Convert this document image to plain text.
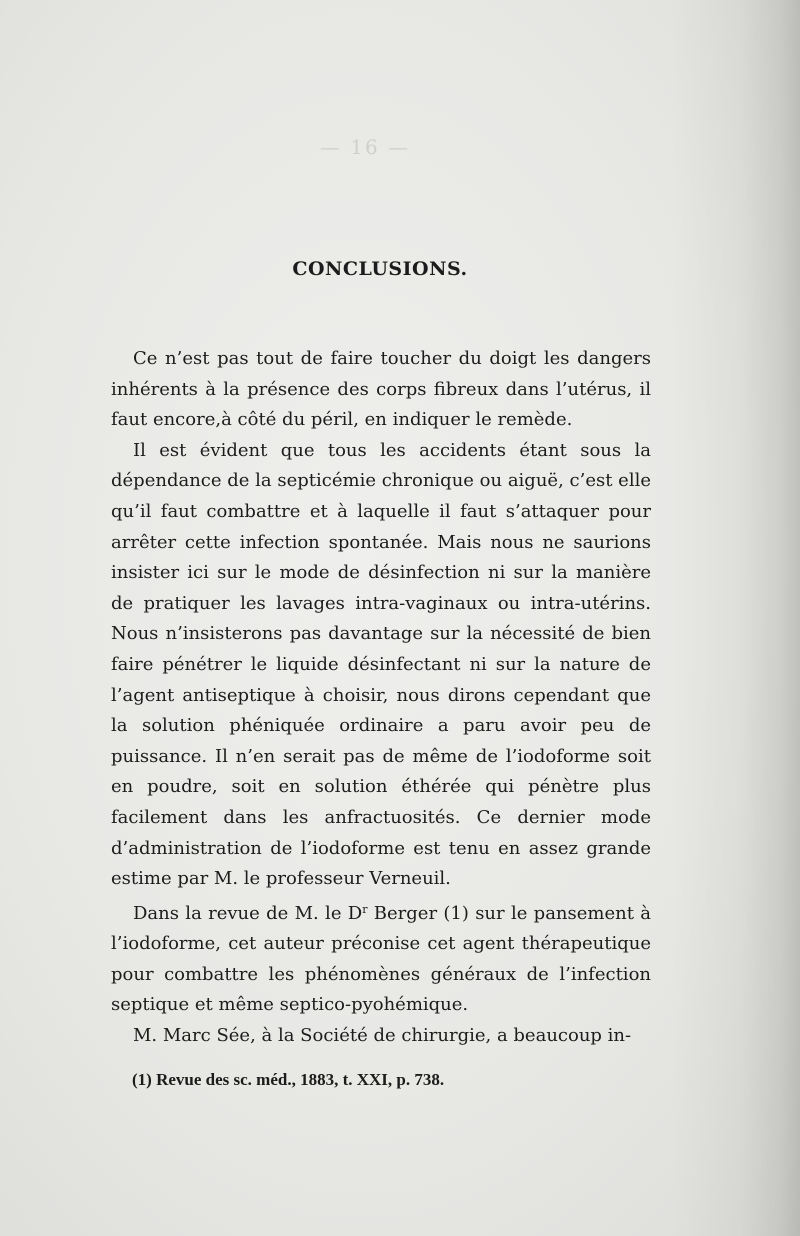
— 16 —
CONCLUSIONS.

Ce n’est pas tout de faire toucher du doigt les dangers inhérents à la présence des corps fibreux dans l’utérus, il faut encore,à côté du péril, en indiquer le remède.

Il est évident que tous les accidents étant sous la dépendance de la septicémie chronique ou aiguë, c’est elle qu’il faut combattre et à laquelle il faut s’attaquer pour arrêter cette infection spontanée. Mais nous ne saurions insister ici sur le mode de désinfection ni sur la manière de pratiquer les lavages intra-vaginaux ou intra-utérins. Nous n’insisterons pas davantage sur la nécessité de bien faire pénétrer le liquide désinfectant ni sur la nature de l’agent antiseptique à choisir, nous dirons cependant que la solution phéniquée ordinaire a paru avoir peu de puissance. Il n’en serait pas de même de l’iodoforme soit en poudre, soit en solution éthérée qui pénètre plus facilement dans les anfractuosités. Ce dernier mode d’administration de l’iodoforme est tenu en assez grande estime par M. le professeur Verneuil.

Dans la revue de M. le $D^r$ Berger (1) sur le pansement à l’iodoforme, cet auteur préconise cet agent thérapeutique pour combattre les phénomènes généraux de l’infection septique et même septico-pyohémique.

M. Marc Sée, à la Société de chirurgie, a beaucoup in-

(1) Revue des sc. méd., 1883, t. XXI, p. 738.
